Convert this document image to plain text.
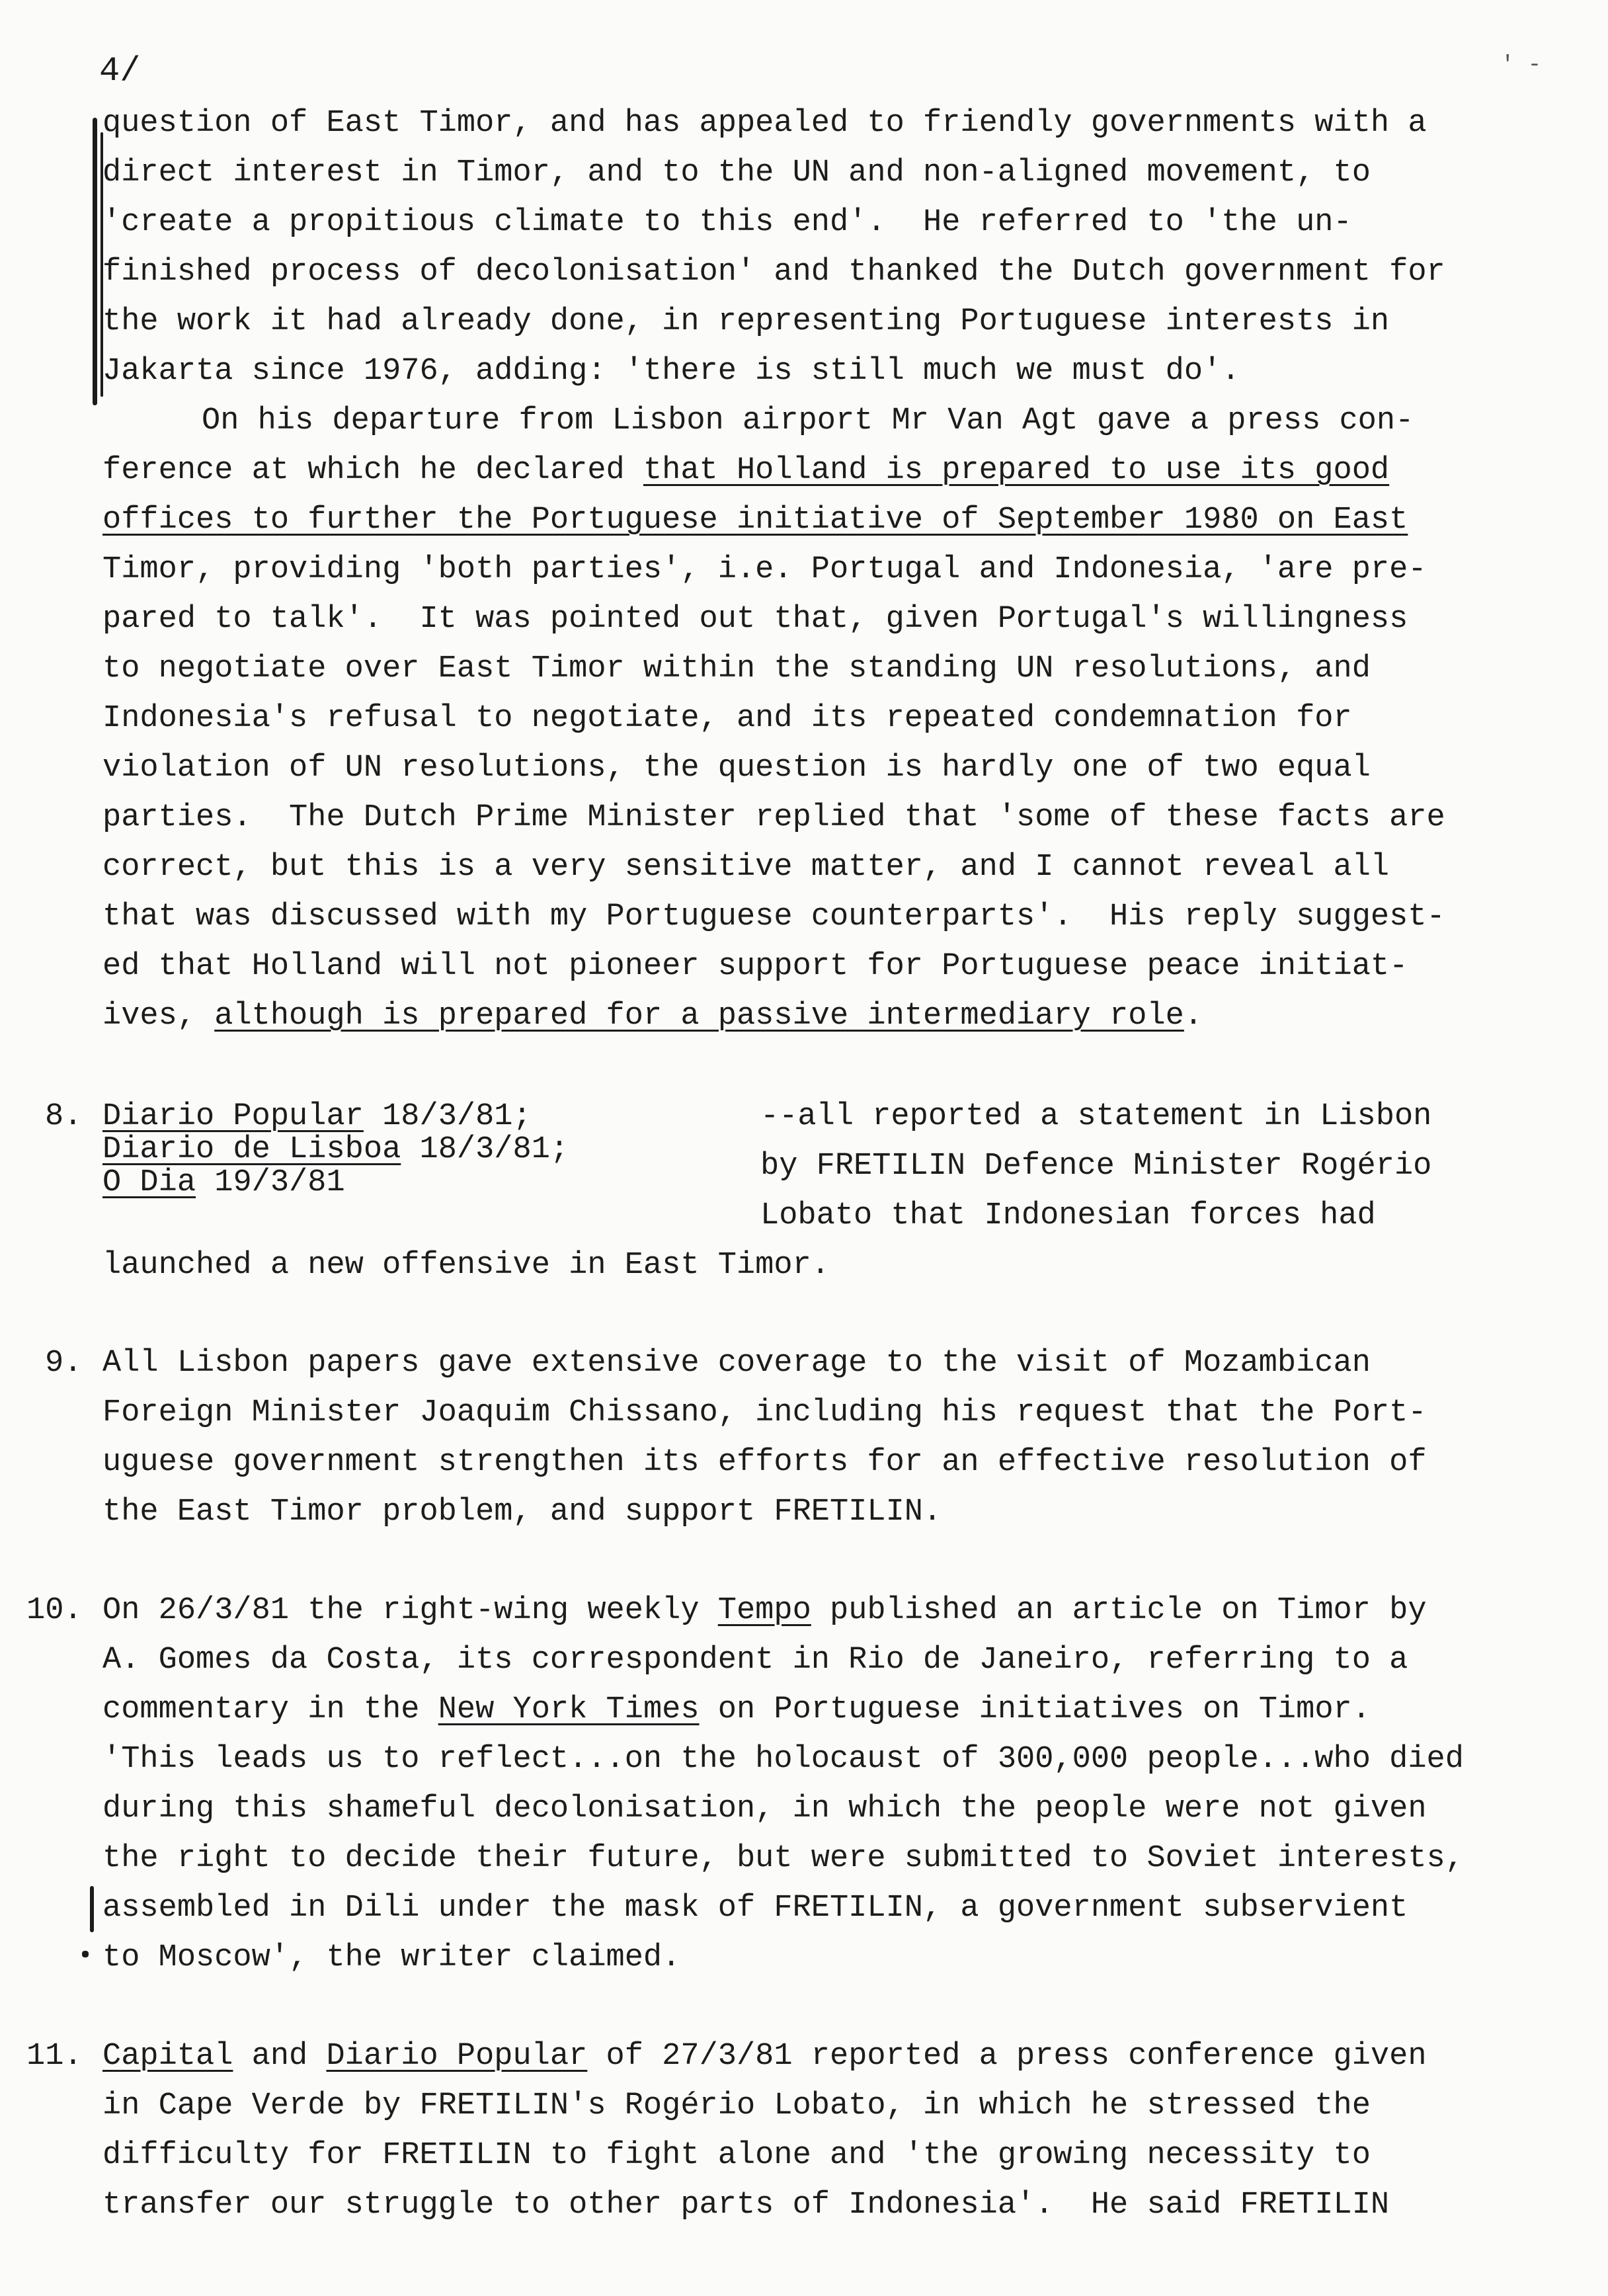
4/	' -
question of East Timor, and has appealed to friendly governments with a
direct interest in Timor, and to the UN and non-aligned movement, to
'create a propitious climate to this end'.  He referred to 'the un-
finished process of decolonisation' and thanked the Dutch government for
the work it had already done, in representing Portuguese interests in
Jakarta since 1976, adding: 'there is still much we must do'.
On his departure from Lisbon airport Mr Van Agt gave a press con-
ference at which he declared that Holland is prepared to use its good
offices to further the Portuguese initiative of September 1980 on East
Timor, providing 'both parties', i.e. Portugal and Indonesia, 'are pre-
pared to talk'.  It was pointed out that, given Portugal's willingness
to negotiate over East Timor within the standing UN resolutions, and
Indonesia's refusal to negotiate, and its repeated condemnation for
violation of UN resolutions, the question is hardly one of two equal
parties.  The Dutch Prime Minister replied that 'some of these facts are
correct, but this is a very sensitive matter, and I cannot reveal all
that was discussed with my Portuguese counterparts'.  His reply suggest-
ed that Holland will not pioneer support for Portuguese peace initiat-
ives, although is prepared for a passive intermediary role.
8. Diario Popular 18/3/81;
Diario de Lisboa 18/3/81;
O Dia 19/3/81
--all reported a statement in Lisbon
by FRETILIN Defence Minister Rogério
Lobato that Indonesian forces had
launched a new offensive in East Timor.
9. All Lisbon papers gave extensive coverage to the visit of Mozambican
Foreign Minister Joaquim Chissano, including his request that the Port-
uguese government strengthen its efforts for an effective resolution of
the East Timor problem, and support FRETILIN.
10. On 26/3/81 the right-wing weekly Tempo published an article on Timor by
A. Gomes da Costa, its correspondent in Rio de Janeiro, referring to a
commentary in the New York Times on Portuguese initiatives on Timor.
'This leads us to reflect...on the holocaust of 300,000 people...who died
during this shameful decolonisation, in which the people were not given
the right to decide their future, but were submitted to Soviet interests,
assembled in Dili under the mask of FRETILIN, a government subservient
to Moscow', the writer claimed.
11. Capital and Diario Popular of 27/3/81 reported a press conference given
in Cape Verde by FRETILIN's Rogério Lobato, in which he stressed the
difficulty for FRETILIN to fight alone and 'the growing necessity to
transfer our struggle to other parts of Indonesia'.  He said FRETILIN
